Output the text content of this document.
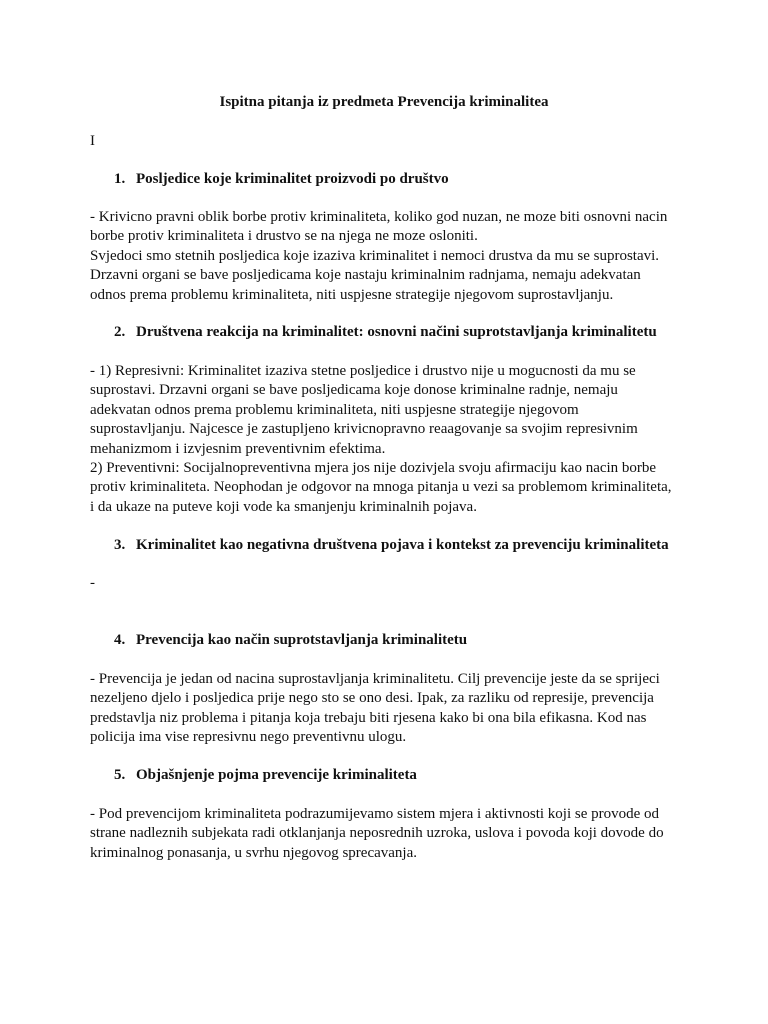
Ispitna pitanja iz predmeta Prevencija kriminalitea

I

1. Posljedice koje kriminalitet proizvodi po društvo
- Krivicno pravni oblik borbe protiv kriminaliteta, koliko god nuzan, ne moze biti osnovni nacin
borbe protiv kriminaliteta i drustvo se na njega ne moze osloniti.
Svjedoci smo stetnih posljedica koje izaziva kriminalitet i nemoci drustva da mu se suprostavi.
Drzavni organi se bave posljedicama koje nastaju kriminalnim radnjama, nemaju adekvatan
odnos prema problemu kriminaliteta, niti uspjesne strategije njegovom suprostavljanju.
2. Društvena reakcija na kriminalitet: osnovni načini suprotstavljanja kriminalitetu
- 1) Represivni: Kriminalitet izaziva stetne posljedice i drustvo nije u mogucnosti da mu se
suprostavi. Drzavni organi se bave posljedicama koje donose kriminalne radnje, nemaju
adekvatan odnos prema problemu kriminaliteta, niti uspjesne strategije njegovom
suprostavljanju. Najcesce je zastupljeno krivicnopravno reaagovanje sa svojim represivnim
mehanizmom i izvjesnim preventivnim efektima.
2) Preventivni: Socijalnopreventivna mjera jos nije dozivjela svoju afirmaciju kao nacin borbe
protiv kriminaliteta. Neophodan je odgovor na mnoga pitanja u vezi sa problemom kriminaliteta,
i da ukaze na puteve koji vode ka smanjenju kriminalnih pojava.
3. Kriminalitet kao negativna društvena pojava i kontekst za prevenciju kriminaliteta
-
4. Prevencija kao način suprotstavljanja kriminalitetu
- Prevencija je jedan od nacina suprostavljanja kriminalitetu. Cilj prevencije jeste da se sprijeci
nezeljeno djelo i posljedica prije nego sto se ono desi. Ipak, za razliku od represije, prevencija
predstavlja niz problema i pitanja koja trebaju biti rjesena kako bi ona bila efikasna. Kod nas
policija ima vise represivnu nego preventivnu ulogu.
5. Objašnjenje pojma prevencije kriminaliteta
- Pod prevencijom kriminaliteta podrazumijevamo sistem mjera i aktivnosti koji se provode od
strane nadleznih subjekata radi otklanjanja neposrednih uzroka, uslova i povoda koji dovode do
kriminalnog ponasanja, u svrhu njegovog sprecavanja.
